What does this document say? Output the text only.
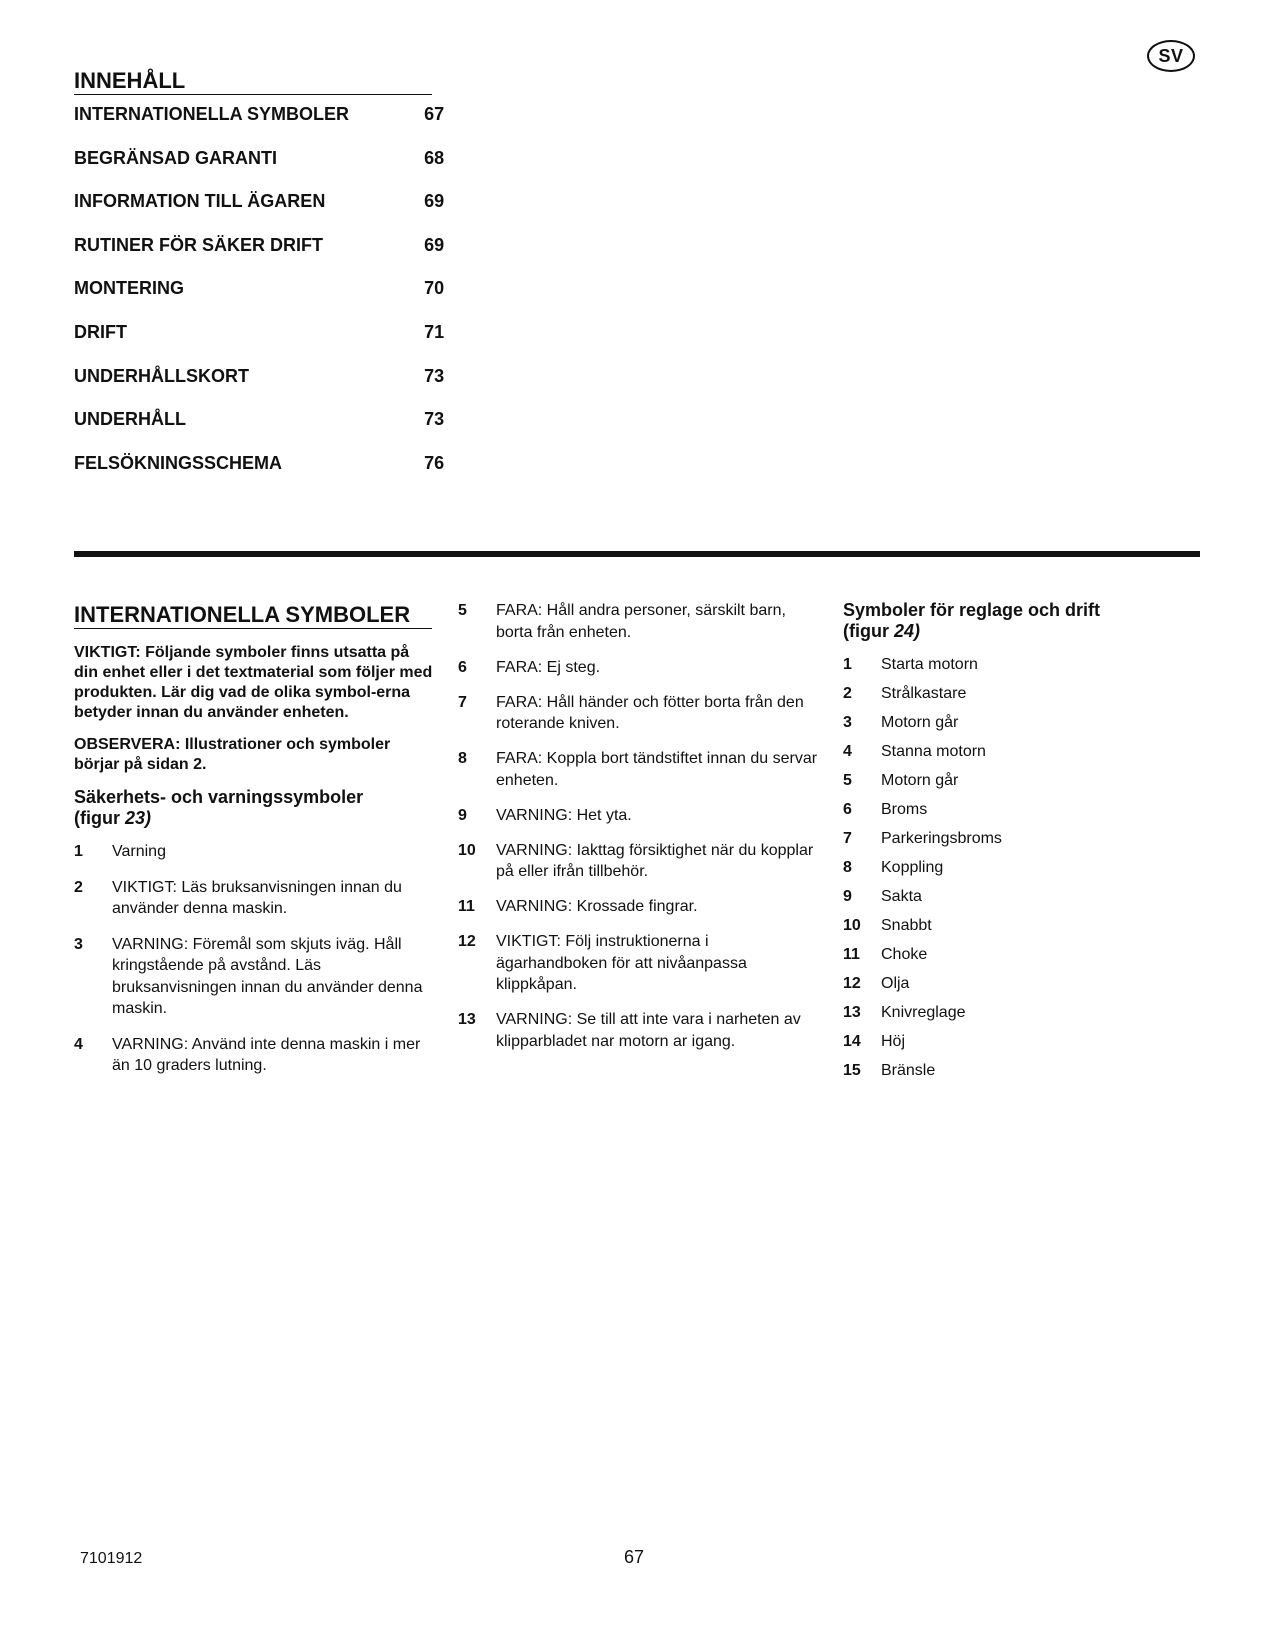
SV
INNEHÅLL
INTERNATIONELLA SYMBOLER	67
BEGRÄNSAD GARANTI	68
INFORMATION TILL ÄGAREN	69
RUTINER FÖR SÄKER DRIFT	69
MONTERING	70
DRIFT	71
UNDERHÅLLSKORT	73
UNDERHÅLL	73
FELSÖKNINGSSCHEMA	76
INTERNATIONELLA SYMBOLER

VIKTIGT: Följande symboler finns utsatta på din enhet eller i det textmaterial som följer med produkten. Lär dig vad de olika symbol-erna betyder innan du använder enheten.

OBSERVERA: Illustrationer och symboler börjar på sidan 2.

Säkerhets- och varningssymboler
(figur 23)
1	Varning
2	VIKTIGT: Läs bruksanvisningen innan du använder denna maskin.
3	VARNING: Föremål som skjuts iväg. Håll kringstående på avstånd. Läs bruksanvisningen innan du använder denna maskin.
4	VARNING: Använd inte denna maskin i mer än 10 graders lutning.
5	FARA: Håll andra personer, särskilt barn, borta från enheten.
6	FARA: Ej steg.
7	FARA: Håll händer och fötter borta från den roterande kniven.
8	FARA: Koppla bort tändstiftet innan du servar enheten.
9	VARNING: Het yta.
10	VARNING: Iakttag försiktighet när du kopplar på eller ifrån tillbehör.
11	VARNING: Krossade fingrar.
12	VIKTIGT: Följ instruktionerna i ägarhandboken för att nivåanpassa klippkåpan.
13	VARNING: Se till att inte vara i narheten av klipparbladet nar motorn ar igang.
Symboler för reglage och drift
(figur 24)
1	Starta motorn
2	Strålkastare
3	Motorn går
4	Stanna motorn
5	Motorn går
6	Broms
7	Parkeringsbroms
8	Koppling
9	Sakta
10	Snabbt
11	Choke
12	Olja
13	Knivreglage
14	Höj
15	Bränsle
7101912	67
